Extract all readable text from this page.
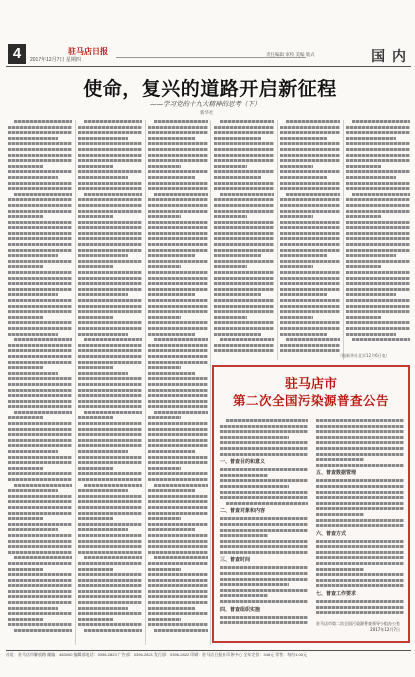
4	2017年12月7日 星期四
驻马店日报	责任编辑 审校 美编 版式	国 内
使命，复兴的道路开启新征程
——学习党的十九大精神的思考（下）
新华社
（据新华社北京12月6日电）
驻马店市
第二次全国污染源普查公告
一、普查目的和意义
二、普查对象和内容
三、普查时间
四、普查组织实施
五、普查数据管理
六、普查方式
七、普查工作要求
驻马店市第二次全国污染源普查领导小组办公室
2017年12月7日
社址：驻马店市解放路 邮编：463000 编辑部电话：0396-2823 广告部：0396-2821 发行部：0396-2822 印刷：驻马店日报社印务中心 全年定价：348元 零售：每份1.00元
